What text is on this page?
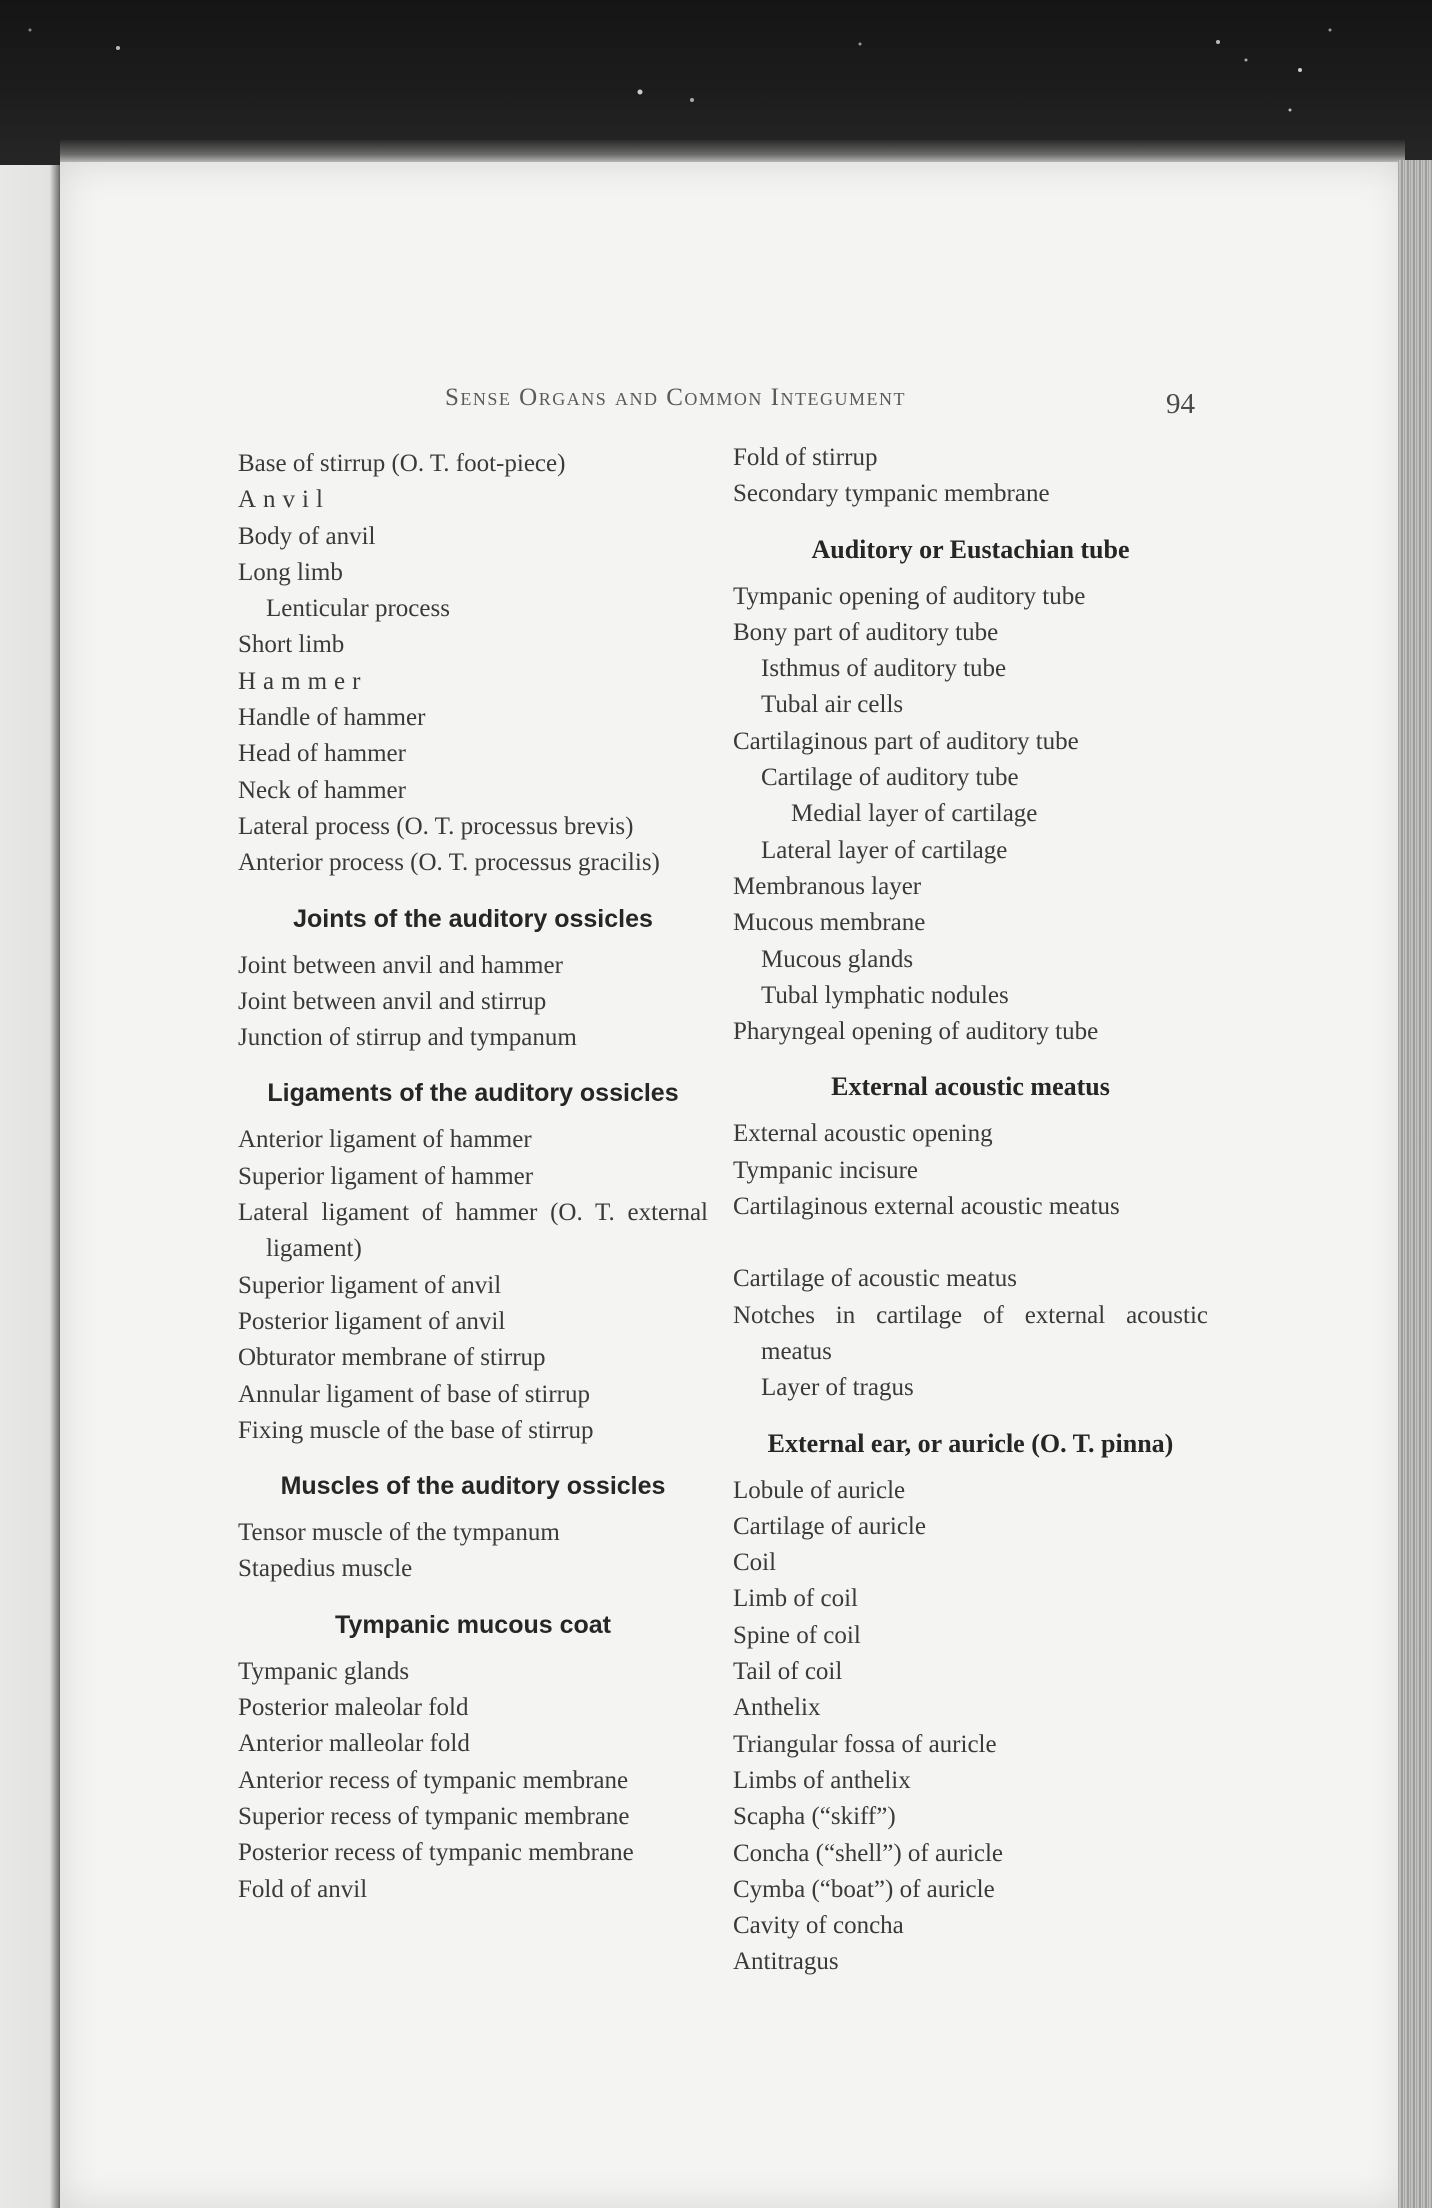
Sense Organs and Common Integument	94
Base of stirrup (O. T. foot-piece)
Anvil
Body of anvil
Long limb
Lenticular process
Short limb
Hammer
Handle of hammer
Head of hammer
Neck of hammer
Lateral process (O. T. processus brevis)
Anterior process (O. T. processus gracilis)
Joints of the auditory ossicles
Joint between anvil and hammer
Joint between anvil and stirrup
Junction of stirrup and tympanum
Ligaments of the auditory ossicles
Anterior ligament of hammer
Superior ligament of hammer
Lateral ligament of hammer (O. T. external ligament)
Superior ligament of anvil
Posterior ligament of anvil
Obturator membrane of stirrup
Annular ligament of base of stirrup
Fixing muscle of the base of stirrup
Muscles of the auditory ossicles
Tensor muscle of the tympanum
Stapedius muscle
Tympanic mucous coat
Tympanic glands
Posterior maleolar fold
Anterior malleolar fold
Anterior recess of tympanic membrane
Superior recess of tympanic membrane
Posterior recess of tympanic membrane
Fold of anvil
Fold of stirrup
Secondary tympanic membrane
Auditory or Eustachian tube
Tympanic opening of auditory tube
Bony part of auditory tube
Isthmus of auditory tube
Tubal air cells
Cartilaginous part of auditory tube
Cartilage of auditory tube
Medial layer of cartilage
Lateral layer of cartilage
Membranous layer
Mucous membrane
Mucous glands
Tubal lymphatic nodules
Pharyngeal opening of auditory tube
External acoustic meatus
External acoustic opening
Tympanic incisure
Cartilaginous external acoustic meatus
Cartilage of acoustic meatus
Notches in cartilage of external acoustic meatus
Layer of tragus
External ear, or auricle (O. T. pinna)
Lobule of auricle
Cartilage of auricle
Coil
Limb of coil
Spine of coil
Tail of coil
Anthelix
Triangular fossa of auricle
Limbs of anthelix
Scapha (“skiff”)
Concha (“shell”) of auricle
Cymba (“boat”) of auricle
Cavity of concha
Antitragus
